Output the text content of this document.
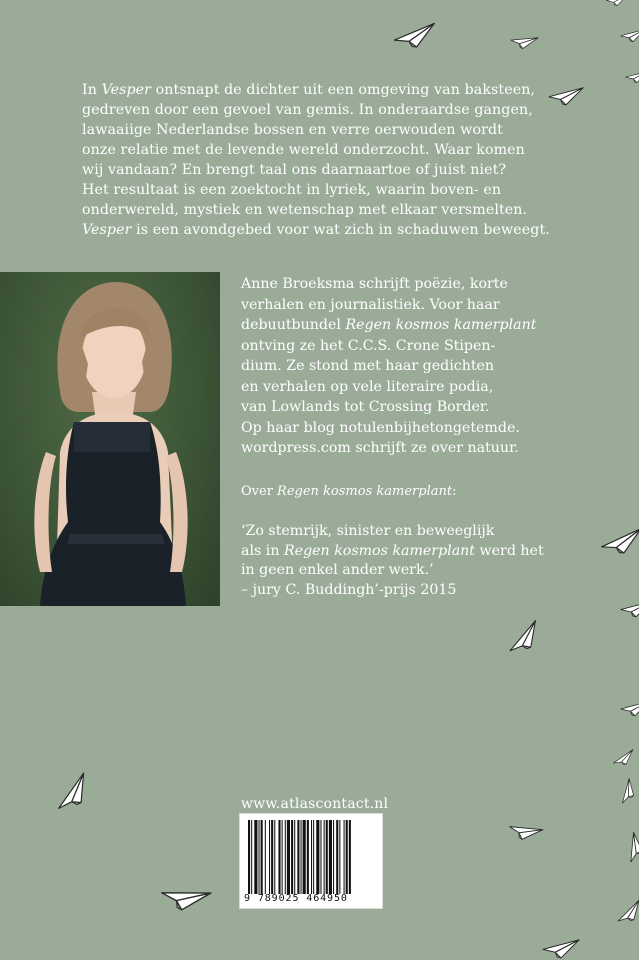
In Vesper ontsnapt de dichter uit een omgeving van baksteen,
gedreven door een gevoel van gemis. In onderaardse gangen,
lawaaiige Nederlandse bossen en verre oerwouden wordt
onze relatie met de levende wereld onderzocht. Waar komen
wij vandaan? En brengt taal ons daarnaartoe of juist niet?
Het resultaat is een zoektocht in lyriek, waarin boven- en
onderwereld, mystiek en wetenschap met elkaar versmelten.
Vesper is een avondgebed voor wat zich in schaduwen beweegt.
Anne Broeksma schrijft poëzie, korte
verhalen en journalistiek. Voor haar
debuutbundel Regen kosmos kamerplant
ontving ze het C.C.S. Crone Stipen-
dium. Ze stond met haar gedichten
en verhalen op vele literaire podia,
van Lowlands tot Crossing Border.
Op haar blog notulenbijhetongetemde.
wordpress.com schrijft ze over natuur.
Over Regen kosmos kamerplant:
‘Zo stemrijk, sinister en beweeglijk
als in Regen kosmos kamerplant werd het
in geen enkel ander werk.’
– jury C. Buddingh’-prijs 2015
www.atlascontact.nl
9 789025 464950
